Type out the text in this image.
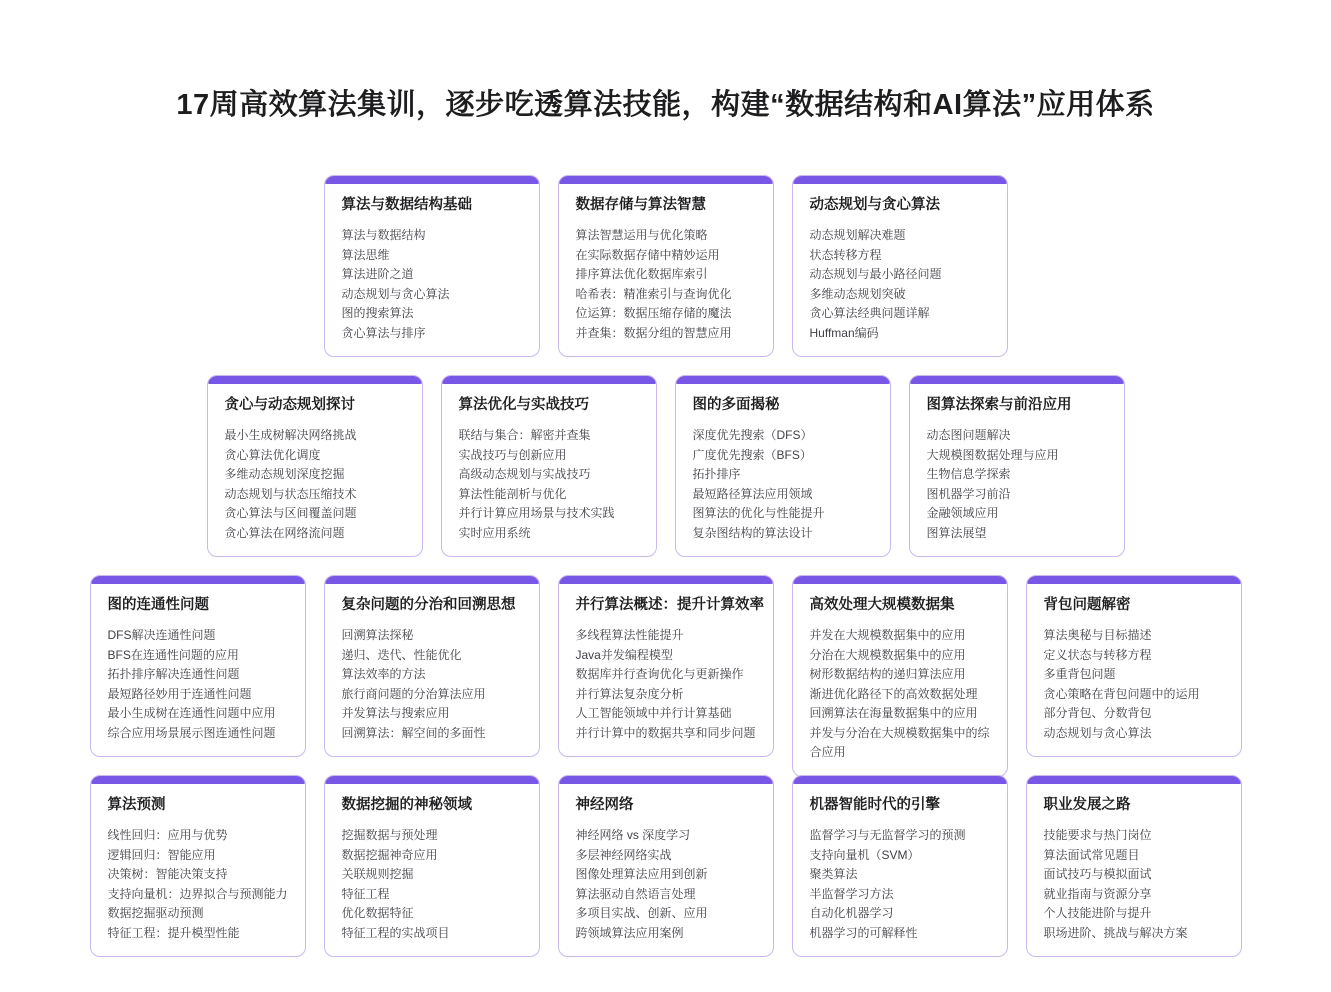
17周高效算法集训，逐步吃透算法技能，构建“数据结构和AI算法”应用体系
算法与数据结构基础
算法与数据结构
算法思维
算法进阶之道
动态规划与贪心算法
图的搜索算法
贪心算法与排序
数据存储与算法智慧
算法智慧运用与优化策略
在实际数据存储中精妙运用
排序算法优化数据库索引
哈希表：精准索引与查询优化
位运算：数据压缩存储的魔法
并查集：数据分组的智慧应用
动态规划与贪心算法
动态规划解决难题
状态转移方程
动态规划与最小路径问题
多维动态规划突破
贪心算法经典问题详解
Huffman编码
贪心与动态规划探讨
最小生成树解决网络挑战
贪心算法优化调度
多维动态规划深度挖掘
动态规划与状态压缩技术
贪心算法与区间覆盖问题
贪心算法在网络流问题
算法优化与实战技巧
联结与集合：解密并查集
实战技巧与创新应用
高级动态规划与实战技巧
算法性能剖析与优化
并行计算应用场景与技术实践
实时应用系统
图的多面揭秘
深度优先搜索（DFS）
广度优先搜索（BFS）
拓扑排序
最短路径算法应用领域
图算法的优化与性能提升
复杂图结构的算法设计
图算法探索与前沿应用
动态图问题解决
大规模图数据处理与应用
生物信息学探索
图机器学习前沿
金融领域应用
图算法展望
图的连通性问题
DFS解决连通性问题
BFS在连通性问题的应用
拓扑排序解决连通性问题
最短路径妙用于连通性问题
最小生成树在连通性问题中应用
综合应用场景展示图连通性问题
复杂问题的分治和回溯思想
回溯算法探秘
递归、迭代、性能优化
算法效率的方法
旅行商问题的分治算法应用
并发算法与搜索应用
回溯算法：解空间的多面性
并行算法概述：提升计算效率
多线程算法性能提升
Java并发编程模型
数据库并行查询优化与更新操作
并行算法复杂度分析
人工智能领域中并行计算基础
并行计算中的数据共享和同步问题
高效处理大规模数据集
并发在大规模数据集中的应用
分治在大规模数据集中的应用
树形数据结构的递归算法应用
渐进优化路径下的高效数据处理
回溯算法在海量数据集中的应用
并发与分治在大规模数据集中的综合应用
背包问题解密
算法奥秘与目标描述
定义状态与转移方程
多重背包问题
贪心策略在背包问题中的运用
部分背包、分数背包
动态规划与贪心算法
算法预测
线性回归：应用与优势
逻辑回归：智能应用
决策树：智能决策支持
支持向量机：边界拟合与预测能力
数据挖掘驱动预测
特征工程：提升模型性能
数据挖掘的神秘领域
挖掘数据与预处理
数据挖掘神奇应用
关联规则挖掘
特征工程
优化数据特征
特征工程的实战项目
神经网络
神经网络 vs 深度学习
多层神经网络实战
图像处理算法应用到创新
算法驱动自然语言处理
多项目实战、创新、应用
跨领域算法应用案例
机器智能时代的引擎
监督学习与无监督学习的预测
支持向量机（SVM）
聚类算法
半监督学习方法
自动化机器学习
机器学习的可解释性
职业发展之路
技能要求与热门岗位
算法面试常见题目
面试技巧与模拟面试
就业指南与资源分享
个人技能进阶与提升
职场进阶、挑战与解决方案
